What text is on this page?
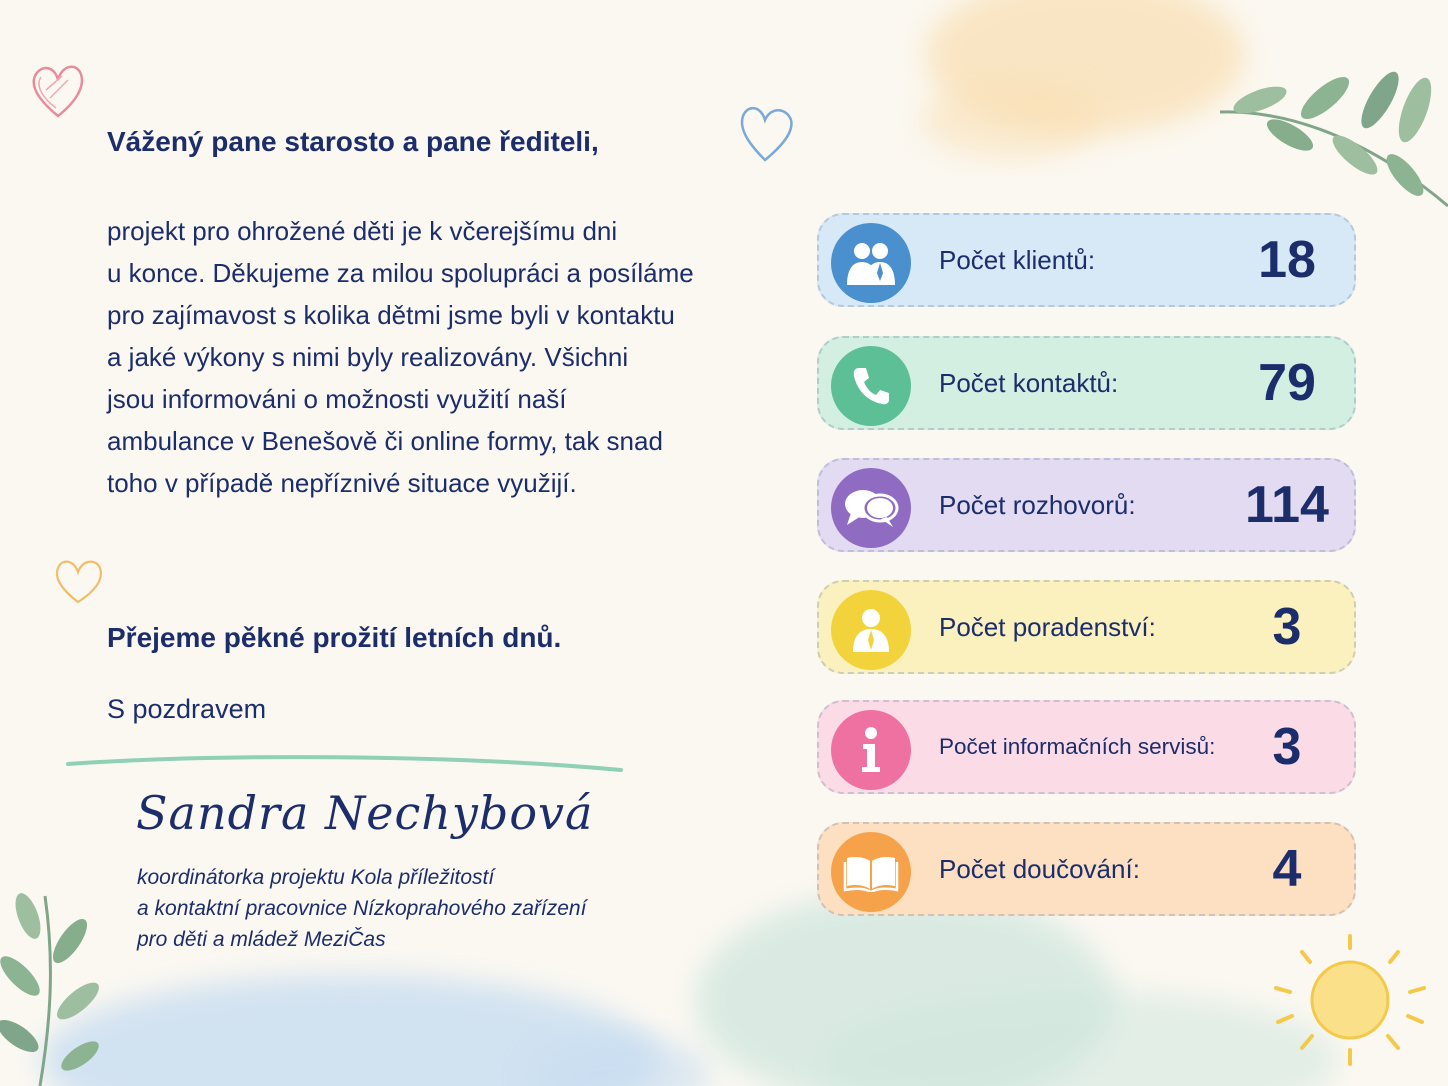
Vážený pane starosto a pane řediteli,
projekt pro ohrožené děti je k včerejšímu dni
u konce. Děkujeme za milou spolupráci a posíláme
pro zajímavost s kolika dětmi jsme byli v kontaktu
a jaké výkony s nimi byly realizovány. Všichni
jsou informováni o možnosti využití naší
ambulance v Benešově či online formy, tak snad
toho v případě nepříznivé situace využijí.
Přejeme pěkné prožití letních dnů.
S pozdravem
Sandra Nechybová
koordinátorka projektu Kola příležitostí
a kontaktní pracovnice Nízkoprahového zařízení
pro děti a mládež MeziČas
Počet klientů:	18
Počet kontaktů:	79
Počet rozhovorů:	114
Počet poradenství:	3
Počet informačních servisů:	3
Počet doučování:	4
